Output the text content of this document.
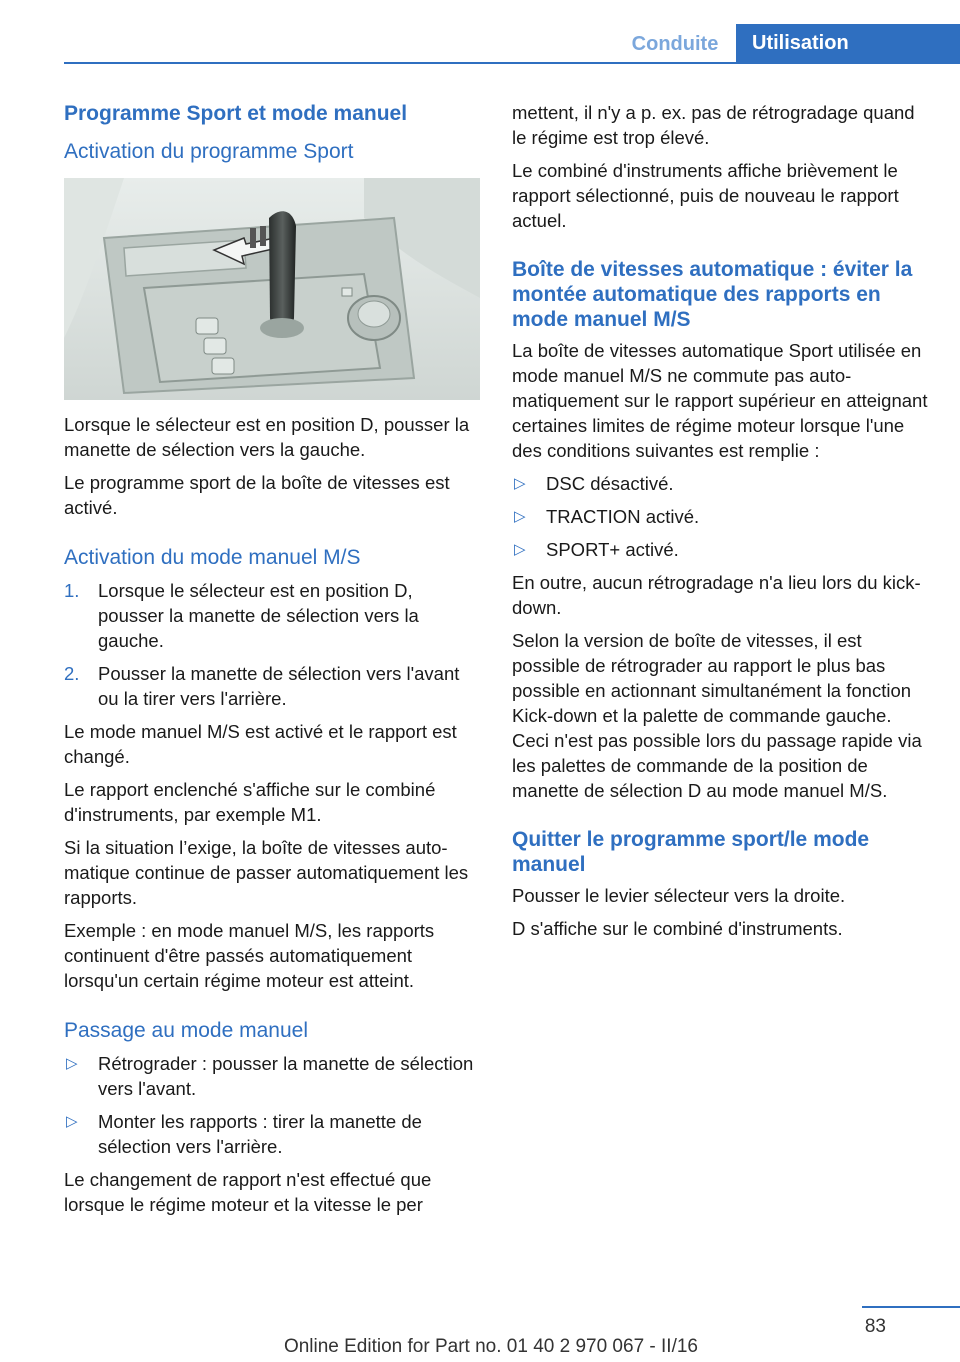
Conduite	Utilisation
Programme Sport et mode manuel
Activation du programme Sport

Lorsque le sélecteur est en position D, pousser la manette de sélection vers la gauche.

Le programme sport de la boîte de vitesses est activé.

Activation du mode manuel M/S
1. Lorsque le sélecteur est en position D, pousser la manette de sélection vers la gauche.
2. Pousser la manette de sélection vers l'avant ou la tirer vers l'arrière.

Le mode manuel M/S est activé et le rapport est changé.

Le rapport enclenché s'affiche sur le combiné d'instruments, par exemple M1.

Si la situation l’exige, la boîte de vitesses automatique continue de passer automatiquement les rapports.

Exemple : en mode manuel M/S, les rapports continuent d'être passés automatiquement lorsqu'un certain régime moteur est atteint.

Passage au mode manuel
▷ Rétrograder : pousser la manette de sélection vers l'avant.
▷ Monter les rapports : tirer la manette de sélection vers l'arrière.

Le changement de rapport n'est effectué que lorsque le régime moteur et la vitesse le per

mettent, il n'y a p. ex. pas de rétrogradage quand le régime est trop élevé.

Le combiné d'instruments affiche brièvement le rapport sélectionné, puis de nouveau le rapport actuel.

Boîte de vitesses automatique : éviter la montée automatique des rapports en mode manuel M/S

La boîte de vitesses automatique Sport utilisée en mode manuel M/S ne commute pas automatiquement sur le rapport supérieur en atteignant certaines limites de régime moteur lorsque l'une des conditions suivantes est remplie :

▷ DSC désactivé.
▷ TRACTION activé.
▷ SPORT+ activé.

En outre, aucun rétrogradage n'a lieu lors du kick-down.

Selon la version de boîte de vitesses, il est possible de rétrograder au rapport le plus bas possible en actionnant simultanément la fonction Kick-down et la palette de commande gauche. Ceci n'est pas possible lors du passage rapide via les palettes de commande de la position de manette de sélection D au mode manuel M/S.

Quitter le programme sport/le mode manuel

Pousser le levier sélecteur vers la droite.

D s'affiche sur le combiné d'instruments.

83
Online Edition for Part no. 01 40 2 970 067 - II/16
